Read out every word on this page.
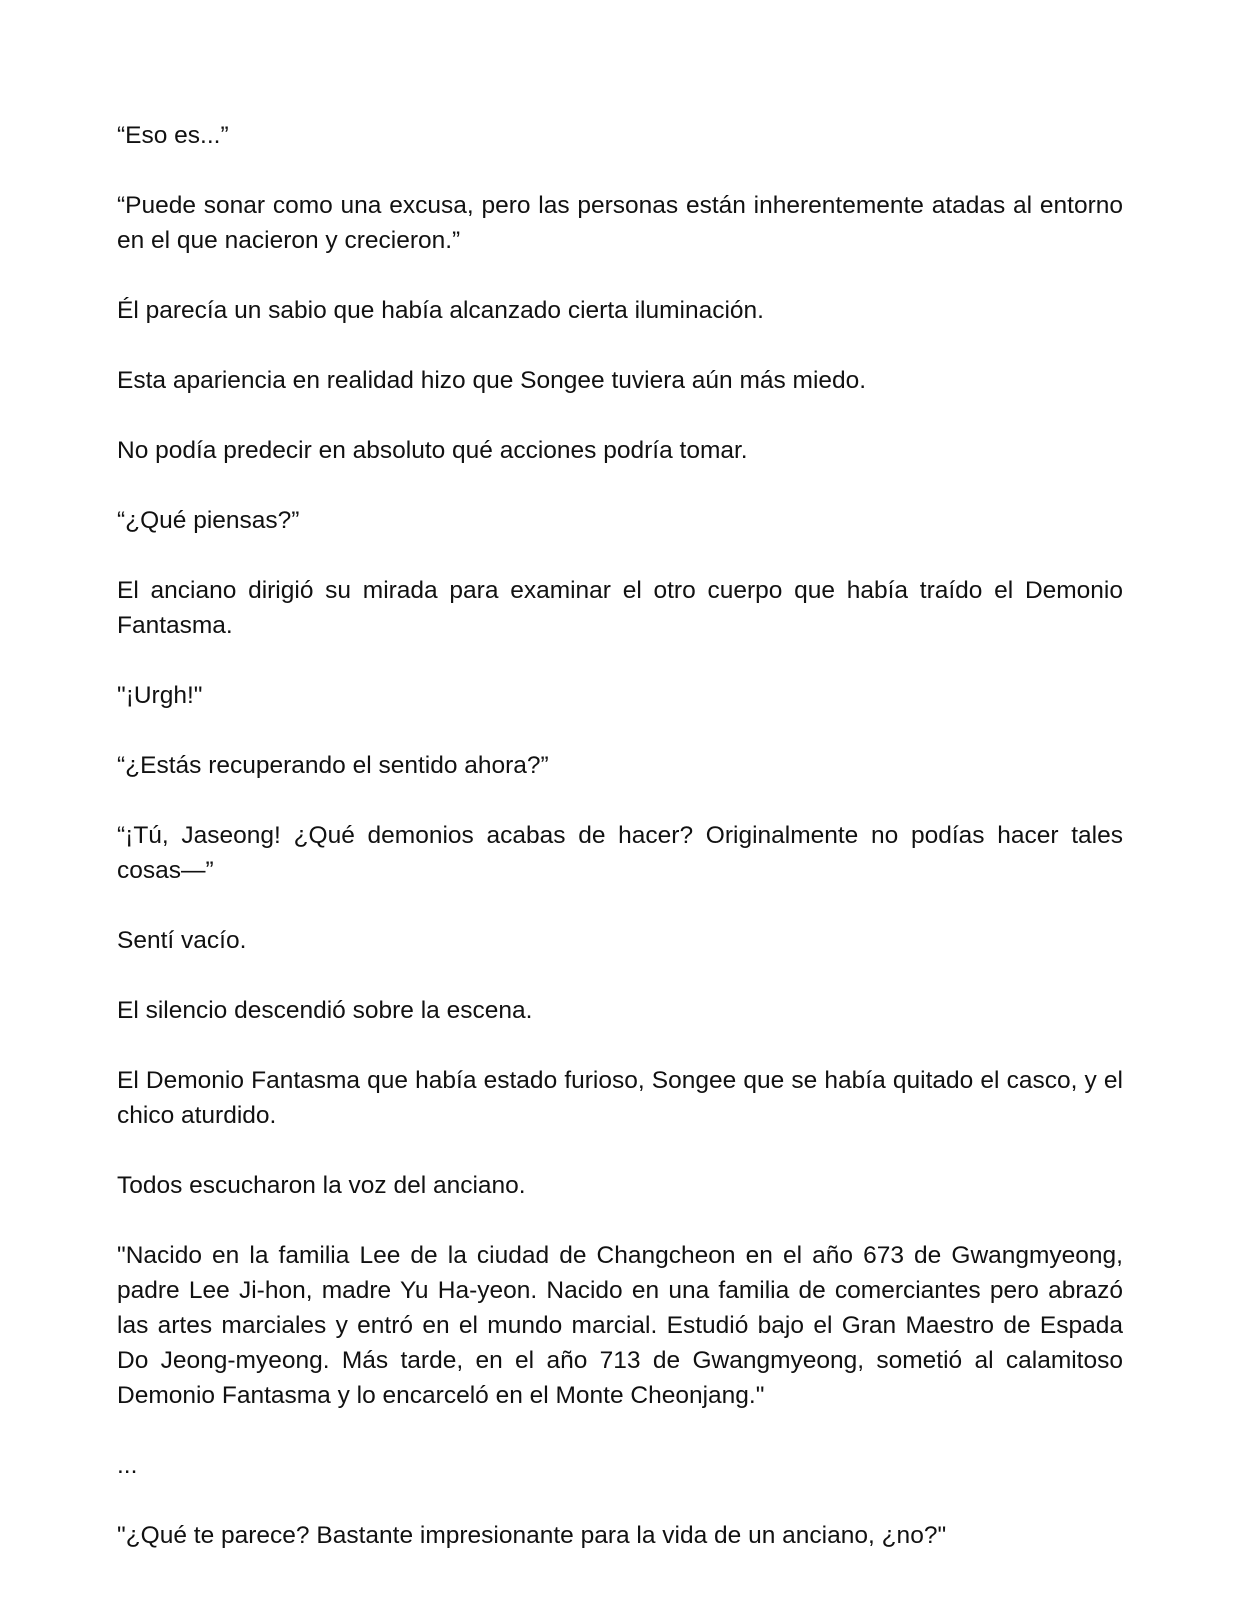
“Eso es...”

“Puede sonar como una excusa, pero las personas están inherentemente atadas al entorno en el que nacieron y crecieron.”

Él parecía un sabio que había alcanzado cierta iluminación.

Esta apariencia en realidad hizo que Songee tuviera aún más miedo.

No podía predecir en absoluto qué acciones podría tomar.

“¿Qué piensas?”

El anciano dirigió su mirada para examinar el otro cuerpo que había traído el Demonio Fantasma.

"¡Urgh!"

“¿Estás recuperando el sentido ahora?”

“¡Tú, Jaseong! ¿Qué demonios acabas de hacer? Originalmente no podías hacer tales cosas—”

Sentí vacío.

El silencio descendió sobre la escena.

El Demonio Fantasma que había estado furioso, Songee que se había quitado el casco, y el chico aturdido.

Todos escucharon la voz del anciano.

"Nacido en la familia Lee de la ciudad de Changcheon en el año 673 de Gwangmyeong, padre Lee Ji-hon, madre Yu Ha-yeon. Nacido en una familia de comerciantes pero abrazó las artes marciales y entró en el mundo marcial. Estudió bajo el Gran Maestro de Espada Do Jeong-myeong. Más tarde, en el año 713 de Gwangmyeong, sometió al calamitoso Demonio Fantasma y lo encarceló en el Monte Cheonjang."

...

"¿Qué te parece? Bastante impresionante para la vida de un anciano, ¿no?"
